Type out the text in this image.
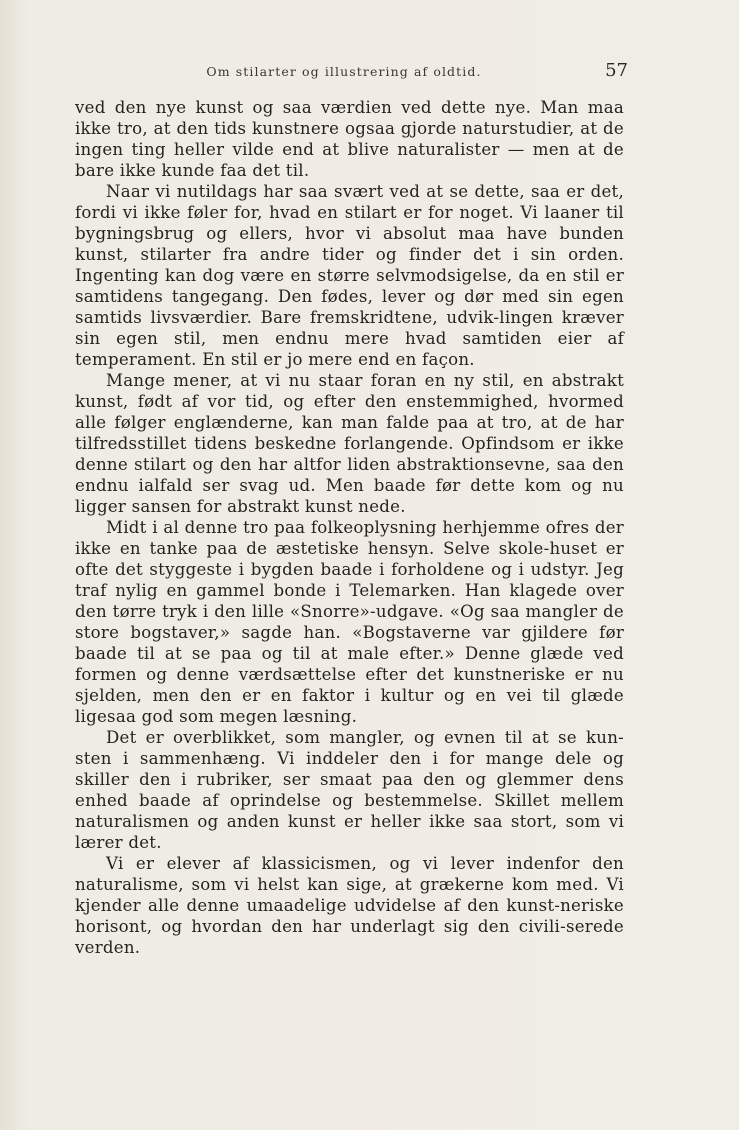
Om stilarter og illustrering af oldtid.	57

ved den nye kunst og saa værdien ved dette nye. Man maa ikke tro, at den tids kunstnere ogsaa gjorde naturstudier, at de ingen ting heller vilde end at blive naturalister — men at de bare ikke kunde faa det til.

Naar vi nutildags har saa svært ved at se dette, saa er det, fordi vi ikke føler for, hvad en stilart er for noget. Vi laaner til bygningsbrug og ellers, hvor vi absolut maa have bunden kunst, stilarter fra andre tider og finder det i sin orden. Ingenting kan dog være en større selvmodsigelse, da en stil er samtidens tangegang. Den fødes, lever og dør med sin egen samtids livsværdier. Bare fremskridtene, udvik-lingen kræver sin egen stil, men endnu mere hvad samtiden eier af temperament. En stil er jo mere end en façon.

Mange mener, at vi nu staar foran en ny stil, en abstrakt kunst, født af vor tid, og efter den enstemmighed, hvormed alle følger englænderne, kan man falde paa at tro, at de har tilfredsstillet tidens beskedne forlangende. Opfindsom er ikke denne stilart og den har altfor liden abstraktionsevne, saa den endnu ialfald ser svag ud. Men baade før dette kom og nu ligger sansen for abstrakt kunst nede.

Midt i al denne tro paa folkeoplysning herhjemme ofres der ikke en tanke paa de æstetiske hensyn. Selve skole-huset er ofte det styggeste i bygden baade i forholdene og i udstyr. Jeg traf nylig en gammel bonde i Telemarken. Han klagede over den tørre tryk i den lille «Snorre»-udgave. «Og saa mangler de store bogstaver,» sagde han. «Bogstaverne var gjildere før baade til at se paa og til at male efter.» Denne glæde ved formen og denne værdsættelse efter det kunstneriske er nu sjelden, men den er en faktor i kultur og en vei til glæde ligesaa god som megen læsning.

Det er overblikket, som mangler, og evnen til at se kun-sten i sammenhæng. Vi inddeler den i for mange dele og skiller den i rubriker, ser smaat paa den og glemmer dens enhed baade af oprindelse og bestemmelse. Skillet mellem naturalismen og anden kunst er heller ikke saa stort, som vi lærer det.

Vi er elever af klassicismen, og vi lever indenfor den naturalisme, som vi helst kan sige, at grækerne kom med. Vi kjender alle denne umaadelige udvidelse af den kunst-neriske horisont, og hvordan den har underlagt sig den civili-serede verden.
